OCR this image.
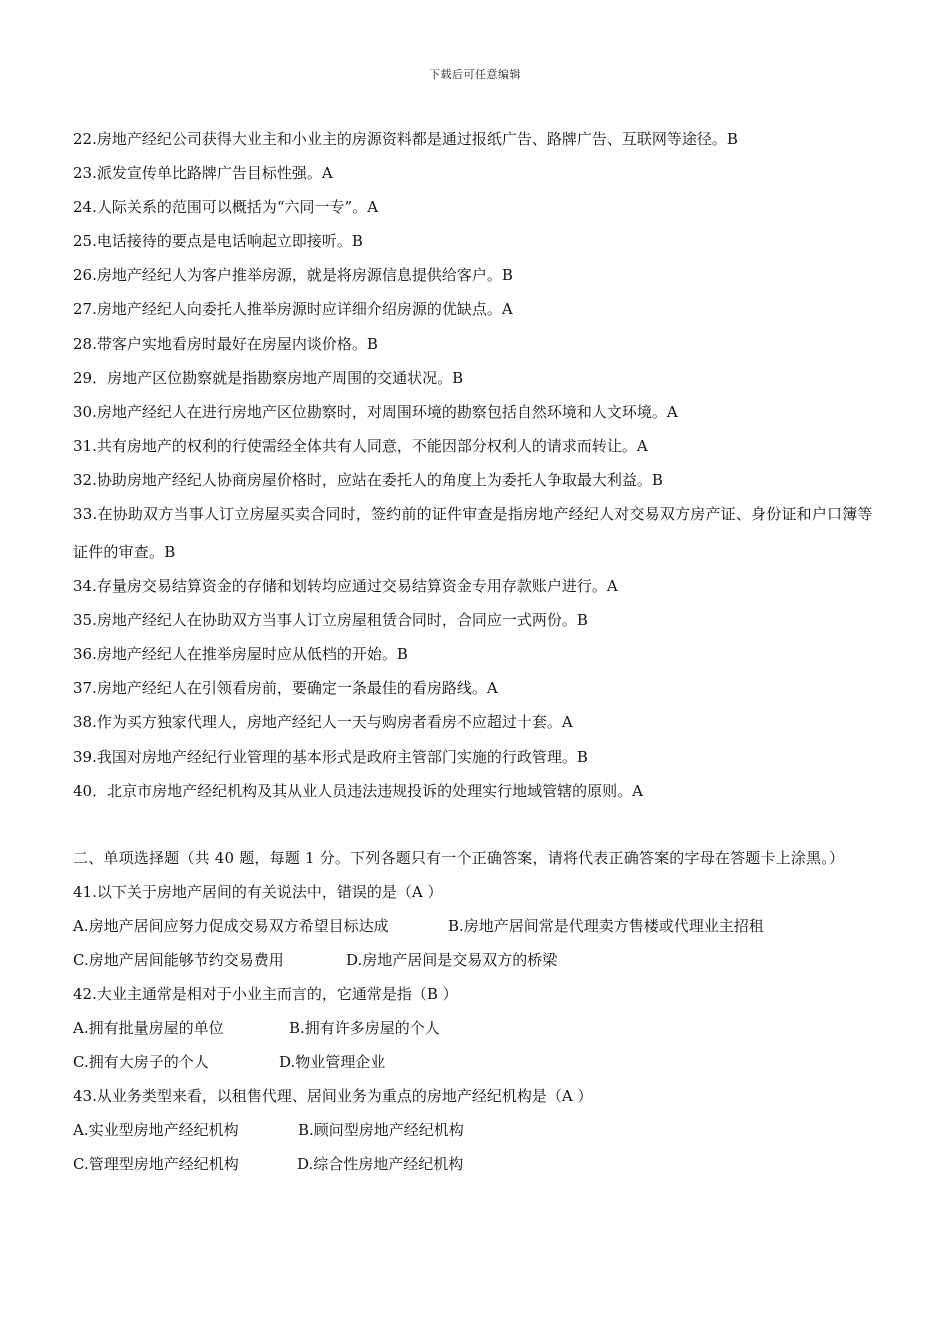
下载后可任意编辑
22.房地产经纪公司获得大业主和小业主的房源资料都是通过报纸广告、路牌广告、互联网等途径。B
23.派发宣传单比路牌广告目标性强。A
24.人际关系的范围可以概括为“六同一专”。A
25.电话接待的要点是电话响起立即接听。B
26.房地产经纪人为客户推举房源，就是将房源信息提供给客户。B
27.房地产经纪人向委托人推举房源时应详细介绍房源的优缺点。A
28.带客户实地看房时最好在房屋内谈价格。B
29．房地产区位勘察就是指勘察房地产周围的交通状况。B
30.房地产经纪人在进行房地产区位勘察时，对周围环境的勘察包括自然环境和人文环境。A
31.共有房地产的权利的行使需经全体共有人同意，不能因部分权利人的请求而转让。A
32.协助房地产经纪人协商房屋价格时，应站在委托人的角度上为委托人争取最大利益。B
33.在协助双方当事人订立房屋买卖合同时，签约前的证件审查是指房地产经纪人对交易双方房产证、身份证和户口簿等证件的审查。B
34.存量房交易结算资金的存储和划转均应通过交易结算资金专用存款账户进行。A
35.房地产经纪人在协助双方当事人订立房屋租赁合同时，合同应一式两份。B
36.房地产经纪人在推举房屋时应从低档的开始。B
37.房地产经纪人在引领看房前，要确定一条最佳的看房路线。A
38.作为买方独家代理人，房地产经纪人一天与购房者看房不应超过十套。A
39.我国对房地产经纪行业管理的基本形式是政府主管部门实施的行政管理。B
40．北京市房地产经纪机构及其从业人员违法违规投诉的处理实行地域管辖的原则。A
二、单项选择题（共 40 题，每题 1 分。下列各题只有一个正确答案，请将代表正确答案的字母在答题卡上涂黑。）
41.以下关于房地产居间的有关说法中，错误的是（A ）
A.房地产居间应努力促成交易双方希望目标达成	B.房地产居间常是代理卖方售楼或代理业主招租
C.房地产居间能够节约交易费用	D.房地产居间是交易双方的桥梁
42.大业主通常是相对于小业主而言的，它通常是指（B ）
A.拥有批量房屋的单位	B.拥有许多房屋的个人
C.拥有大房子的个人	D.物业管理企业
43.从业务类型来看，以租售代理、居间业务为重点的房地产经纪机构是（A ）
A.实业型房地产经纪机构	B.顾问型房地产经纪机构
C.管理型房地产经纪机构	D.综合性房地产经纪机构
